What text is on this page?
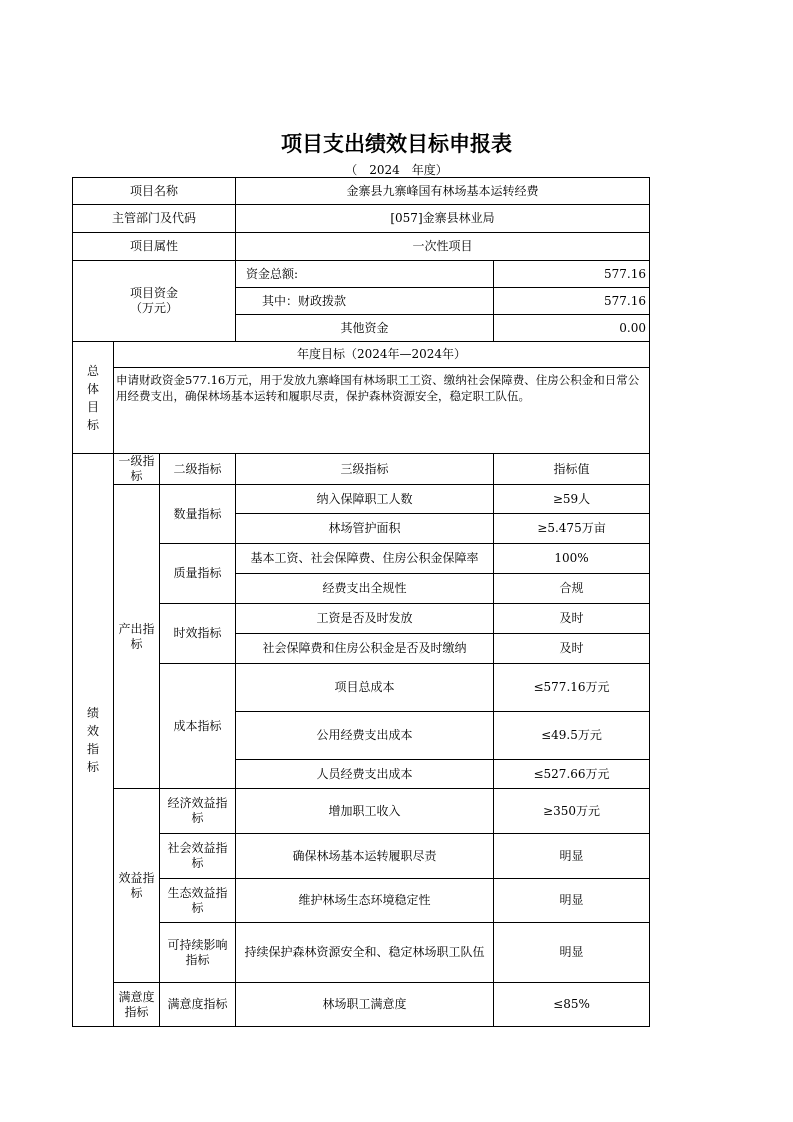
项目支出绩效目标申报表
（　2024　年度）
项目名称			金寨县九寨峰国有林场基本运转经费	
主管部门及代码			[057]金寨县林业局	
项目属性			一次性项目	

项目资金
（万元）			资金总额:	577.16
			其中：财政拨款	577.16
			其他资金	0.00

总
体
目
标	年度目标（2024年—2024年）			
	申请财政资金577.16万元，用于发放九寨峰国有林场职工工资、缴纳社会保障费、住房公积金和日常公用经费支出，确保林场基本运转和履职尽责，保护森林资源安全，稳定职工队伍。			

绩
效
指
标	一级指标	二级指标	三级指标	指标值
	产出指标	数量指标	纳入保障职工人数	≥59人
			林场管护面积	≥5.475万亩
		质量指标	基本工资、社会保障费、住房公积金保障率	100%
			经费支出全规性	合规
		时效指标	工资是否及时发放	及时
			社会保障费和住房公积金是否及时缴纳	及时
		成本指标	项目总成本	≤577.16万元
			公用经费支出成本	≤49.5万元
			人员经费支出成本	≤527.66万元
	效益指标	经济效益指标	增加职工收入	≥350万元
		社会效益指标	确保林场基本运转履职尽责	明显
		生态效益指标	维护林场生态环境稳定性	明显
		可持续影响指标	持续保护森林资源安全和、稳定林场职工队伍	明显
	满意度指标	满意度指标	林场职工满意度	≤85%
